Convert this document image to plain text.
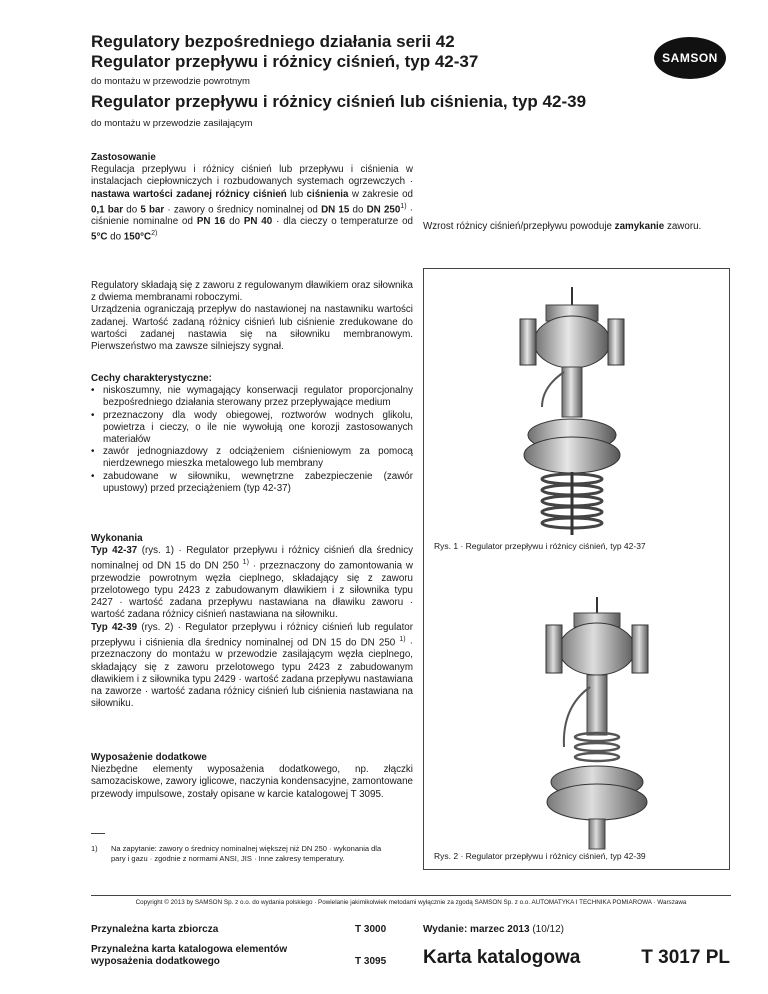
Regulatory bezpośredniego działania serii 42
Regulator przepływu i różnicy ciśnień, typ 42-37
do montażu w przewodzie powrotnym
Regulator przepływu i różnicy ciśnień lub ciśnienia, typ 42-39
do montażu w przewodzie zasilającym
SAMSON
Zastosowanie

Regulacja przepływu i różnicy ciśnień lub przepływu i ciśnienia w instalacjach ciepłowniczych i rozbudowanych systemach ogrzewczych · nastawa wartości zadanej różnicy ciśnień lub ciśnienia w zakresie od 0,1 bar do 5 bar · zawory o średnicy nominalnej od DN 15 do DN $250^{1)}$ · ciśnienie nominalne od PN 16 do PN 40 · dla cieczy o temperaturze od 5°C do $150^\circ C^{2)}$

Wzrost różnicy ciśnień/przepływu powoduje zamykanie zaworu.

Regulatory składają się z zaworu z regulowanym dławikiem oraz siłownika z dwiema membranami roboczymi.

Urządzenia ograniczają przepływ do nastawionej na nastawniku wartości zadanej. Wartość zadaną różnicy ciśnień lub ciśnienie zredukowane do wartości zadanej nastawia się na siłowniku membranowym. Pierwszeństwo ma zawsze silniejszy sygnał.

Cechy charakterystyczne:
• niskoszumny, nie wymagający konserwacji regulator proporcjonalny bezpośredniego działania sterowany przez przepływające medium
• przeznaczony dla wody obiegowej, roztworów wodnych glikolu, powietrza i cieczy, o ile nie wywołują one korozji zastosowanych materiałów
• zawór jednogniazdowy z odciążeniem ciśnieniowym za pomocą nierdzewnego mieszka metalowego lub membrany
• zabudowane w siłowniku, wewnętrzne zabezpieczenie (zawór upustowy) przed przeciążeniem (typ 42-37)
Wykonania

Typ 42-37 (rys. 1) · Regulator przepływu i różnicy ciśnień dla średnicy nominalnej od DN 15 do DN 250 $^{1)}$ · przeznaczony do zamontowania w przewodzie powrotnym węzła cieplnego, składający się z zaworu przelotowego typu 2423 z zabudowanym dławikiem i z siłownika typu 2427 · wartość zadana przepływu nastawiana na dławiku zaworu · wartość zadana różnicy ciśnień nastawiana na siłowniku.

Typ 42-39 (rys. 2) · Regulator przepływu i różnicy ciśnień lub regulator przepływu i ciśnienia dla średnicy nominalnej od DN 15 do DN 250 $^{1)}$ · przeznaczony do montażu w przewodzie zasilającym węzła cieplnego, składający się z zaworu przelotowego typu 2423 z zabudowanym dławikiem i z siłownika typu 2429 · wartość zadana przepływu nastawiana na zaworze · wartość zadana różnicy ciśnień lub ciśnienia nastawiana na siłowniku.

Wyposażenie dodatkowe

Niezbędne elementy wyposażenia dodatkowego, np. złączki samozaciskowe, zawory iglicowe, naczynia kondensacyjne, zamontowane przewody impulsowe, zostały opisane w karcie katalogowej T 3095.

1) Na zapytanie: zawory o średnicy nominalnej większej niż DN 250 · wykonania dla pary i gazu · zgodnie z normami ANSI, JIS · Inne zakresy temperatury.
Rys. 1 · Regulator przepływu i różnicy ciśnień, typ 42-37
Rys. 2 · Regulator przepływu i różnicy ciśnień, typ 42-39
Copyright © 2013 by SAMSON Sp. z o.o. do wydania polskiego · Powielanie jakimikolwiek metodami wyłącznie za zgodą SAMSON Sp. z o.o. AUTOMATYKA I TECHNIKA POMIAROWA · Warszawa
Przynależna karta zbiorcza	T 3000
Przynależna karta katalogowa elementów wyposażenia dodatkowego	T 3095
Wydanie: marzec 2013 (10/12)
Karta katalogowa	T 3017 PL
